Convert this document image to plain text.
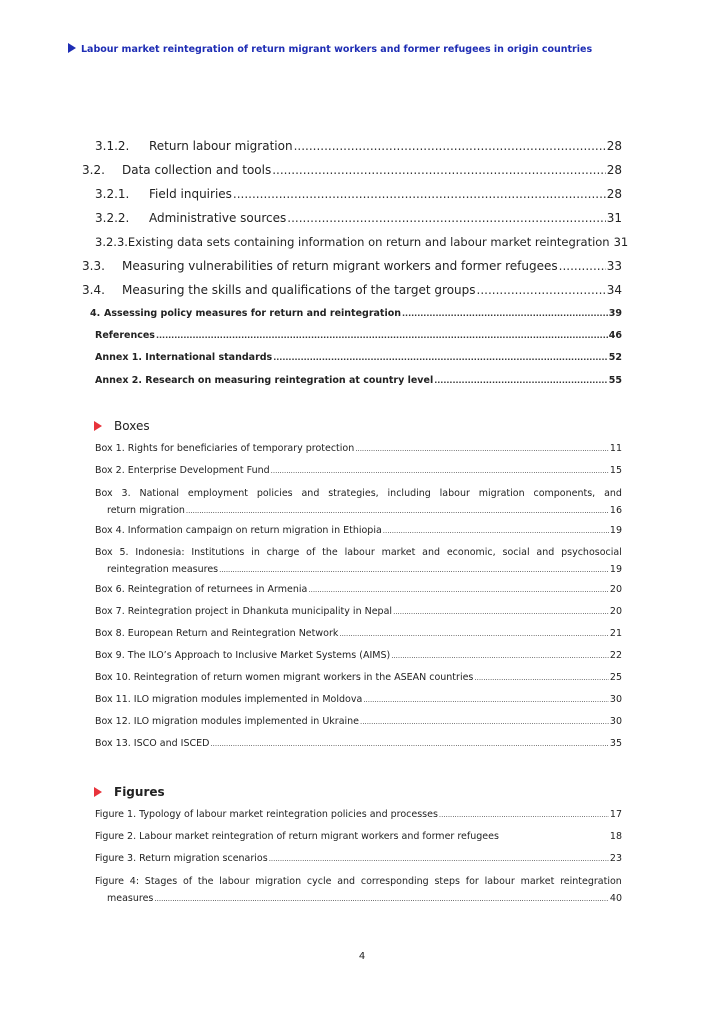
Labour market reintegration of return migrant workers and former refugees in origin countries
3.1.2.	Return labour migration .....	28
3.2.	Data collection and tools .....	28
3.2.1.	Field inquiries .....	28
3.2.2.	Administrative sources .....	31
3.2.3. Existing data sets containing information on return and labour market reintegration 31
3.3.	Measuring vulnerabilities of return migrant workers and former refugees .....	33
3.4.	Measuring the skills and qualifications of the target groups .....	34
4. Assessing policy measures for return and reintegration .....	39
References .....	46
Annex 1. International standards .....	52
Annex 2. Research on measuring reintegration at country level .....	55
Boxes
Box 1. Rights for beneficiaries of temporary protection .....	11
Box 2. Enterprise Development Fund .....	15
Box 3. National employment policies and strategies, including labour migration components, and
return migration .....	16
Box 4. Information campaign on return migration in Ethiopia .....	19
Box 5. Indonesia: Institutions in charge of the labour market and economic, social and psychosocial
reintegration measures .....	19
Box 6. Reintegration of returnees in Armenia .....	20
Box 7. Reintegration project in Dhankuta municipality in Nepal .....	20
Box 8. European Return and Reintegration Network .....	21
Box 9. The ILO’s Approach to Inclusive Market Systems (AIMS) .....	22
Box 10. Reintegration of return women migrant workers in the ASEAN countries .....	25
Box 11. ILO migration modules implemented in Moldova .....	30
Box 12. ILO migration modules implemented in Ukraine .....	30
Box 13. ISCO and ISCED .....	35
Figures
Figure 1. Typology of labour market reintegration policies and processes .....	17
Figure 2. Labour market reintegration of return migrant workers and former refugees	18
Figure 3. Return migration scenarios .....	23
Figure 4: Stages of the labour migration cycle and corresponding steps for labour market reintegration
measures .....	40
4
